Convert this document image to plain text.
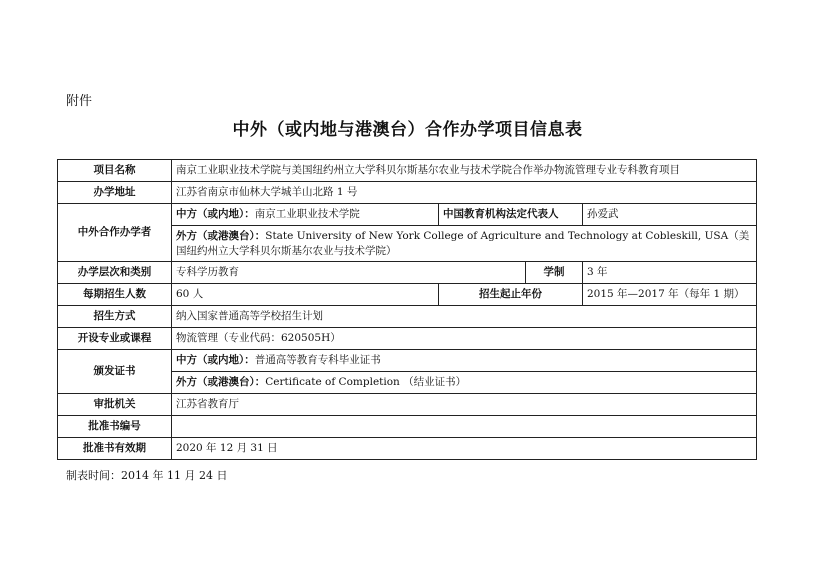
附件
中外（或内地与港澳台）合作办学项目信息表
项目名称	南京工业职业技术学院与美国纽约州立大学科贝尔斯基尔农业与技术学院合作举办物流管理专业专科教育项目			
办学地址	江苏省南京市仙林大学城羊山北路 1 号			
中外合作办学者	中方（或内地）：南京工业职业技术学院	中国教育机构法定代表人		孙爱武
	外方（或港澳台）：State University of New York College of Agriculture and Technology at Cobleskill, USA（美国纽约州立大学科贝尔斯基尔农业与技术学院）			
办学层次和类别	专科学历教育		学制	3 年
每期招生人数	60 人	招生起止年份		2015 年—2017 年（每年 1 期）
招生方式	纳入国家普通高等学校招生计划			
开设专业或课程	物流管理（专业代码：620505H）			
颁发证书	中方（或内地）：普通高等教育专科毕业证书			
	外方（或港澳台）：Certificate of Completion （结业证书）			
审批机关	江苏省教育厅			
批准书编号				
批准书有效期	2020 年 12 月 31 日			
制表时间：2014 年 11 月 24 日
